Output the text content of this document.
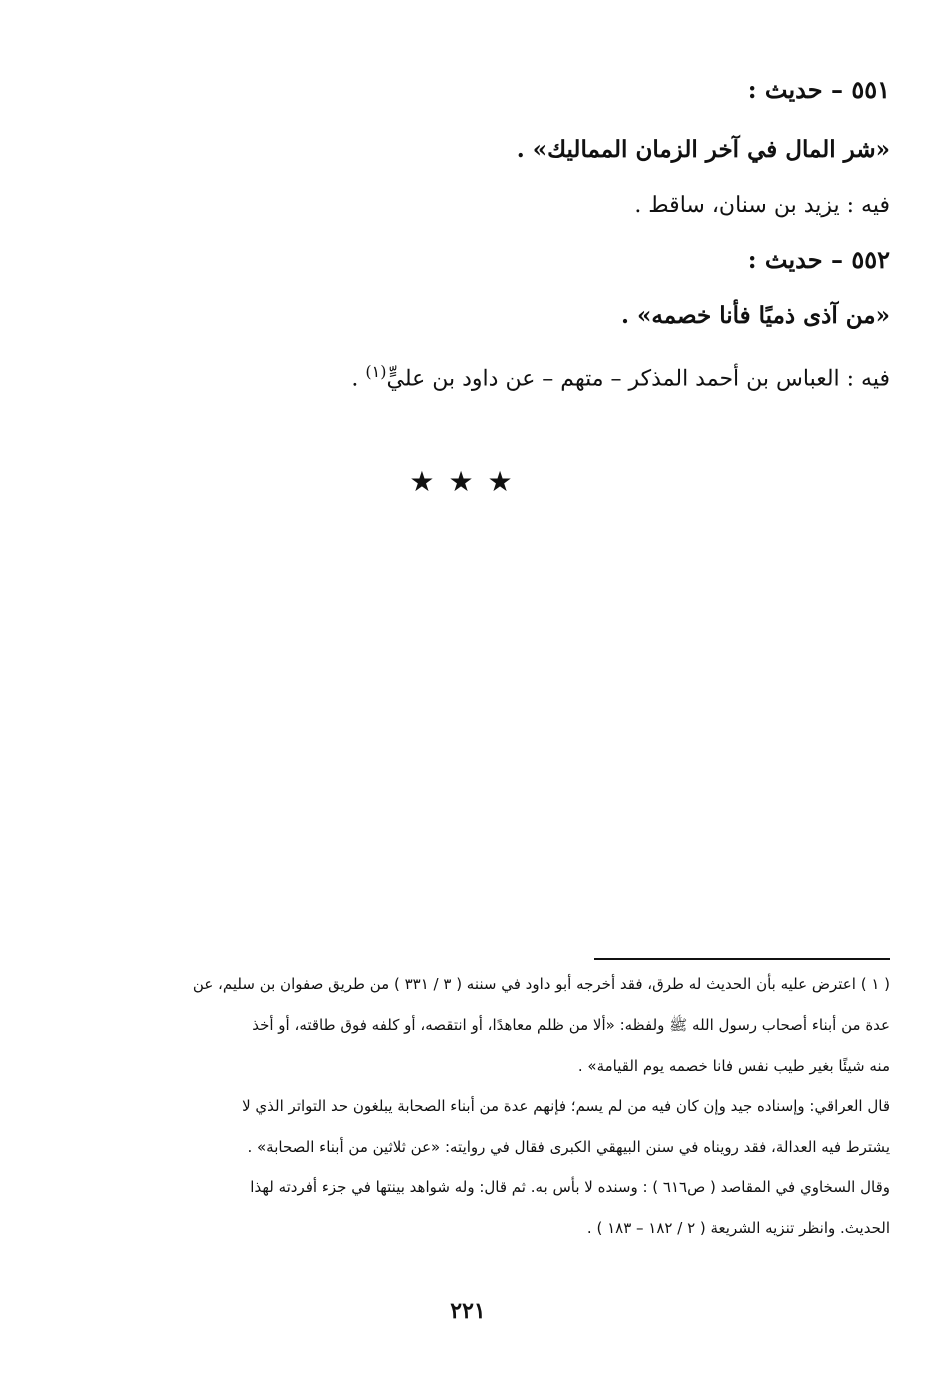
٥٥١ – حديث :
«شر المال في آخر الزمان المماليك» .
فيه : يزيد بن سنان، ساقط .
٥٥٢ – حديث :
«من آذى ذميًا فأنا خصمه» .
فيه : العباس بن أحمد المذكر – متهم – عن داود بن عليٍّ$^{(١)}$ .
★★★
( ١ ) اعترض عليه بأن الحديث له طرق، فقد أخرجه أبو داود في سننه ( ٣ / ٣٣١ ) من طريق صفوان بن سليم، عن
عدة من أبناء أصحاب رسول الله ﷺ ولفظه: «ألا من ظلم معاهدًا، أو انتقصه، أو كلفه فوق طاقته، أو أخذ
منه شيئًا بغير طيب نفس فانا خصمه يوم القيامة» .
قال العراقي: وإسناده جيد وإن كان فيه من لم يسم؛ فإنهم عدة من أبناء الصحابة يبلغون حد التواتر الذي لا
يشترط فيه العدالة، فقد رويناه في سنن البيهقي الكبرى فقال في روايته: «عن ثلاثين من أبناء الصحابة» .
وقال السخاوي في المقاصد ( ص٦١٦ ) : وسنده لا بأس به. ثم قال: وله شواهد بينتها في جزء أفردته لهذا
الحديث. وانظر تنزيه الشريعة ( ٢ / ١٨٢ – ١٨٣ ) .
٢٢١
